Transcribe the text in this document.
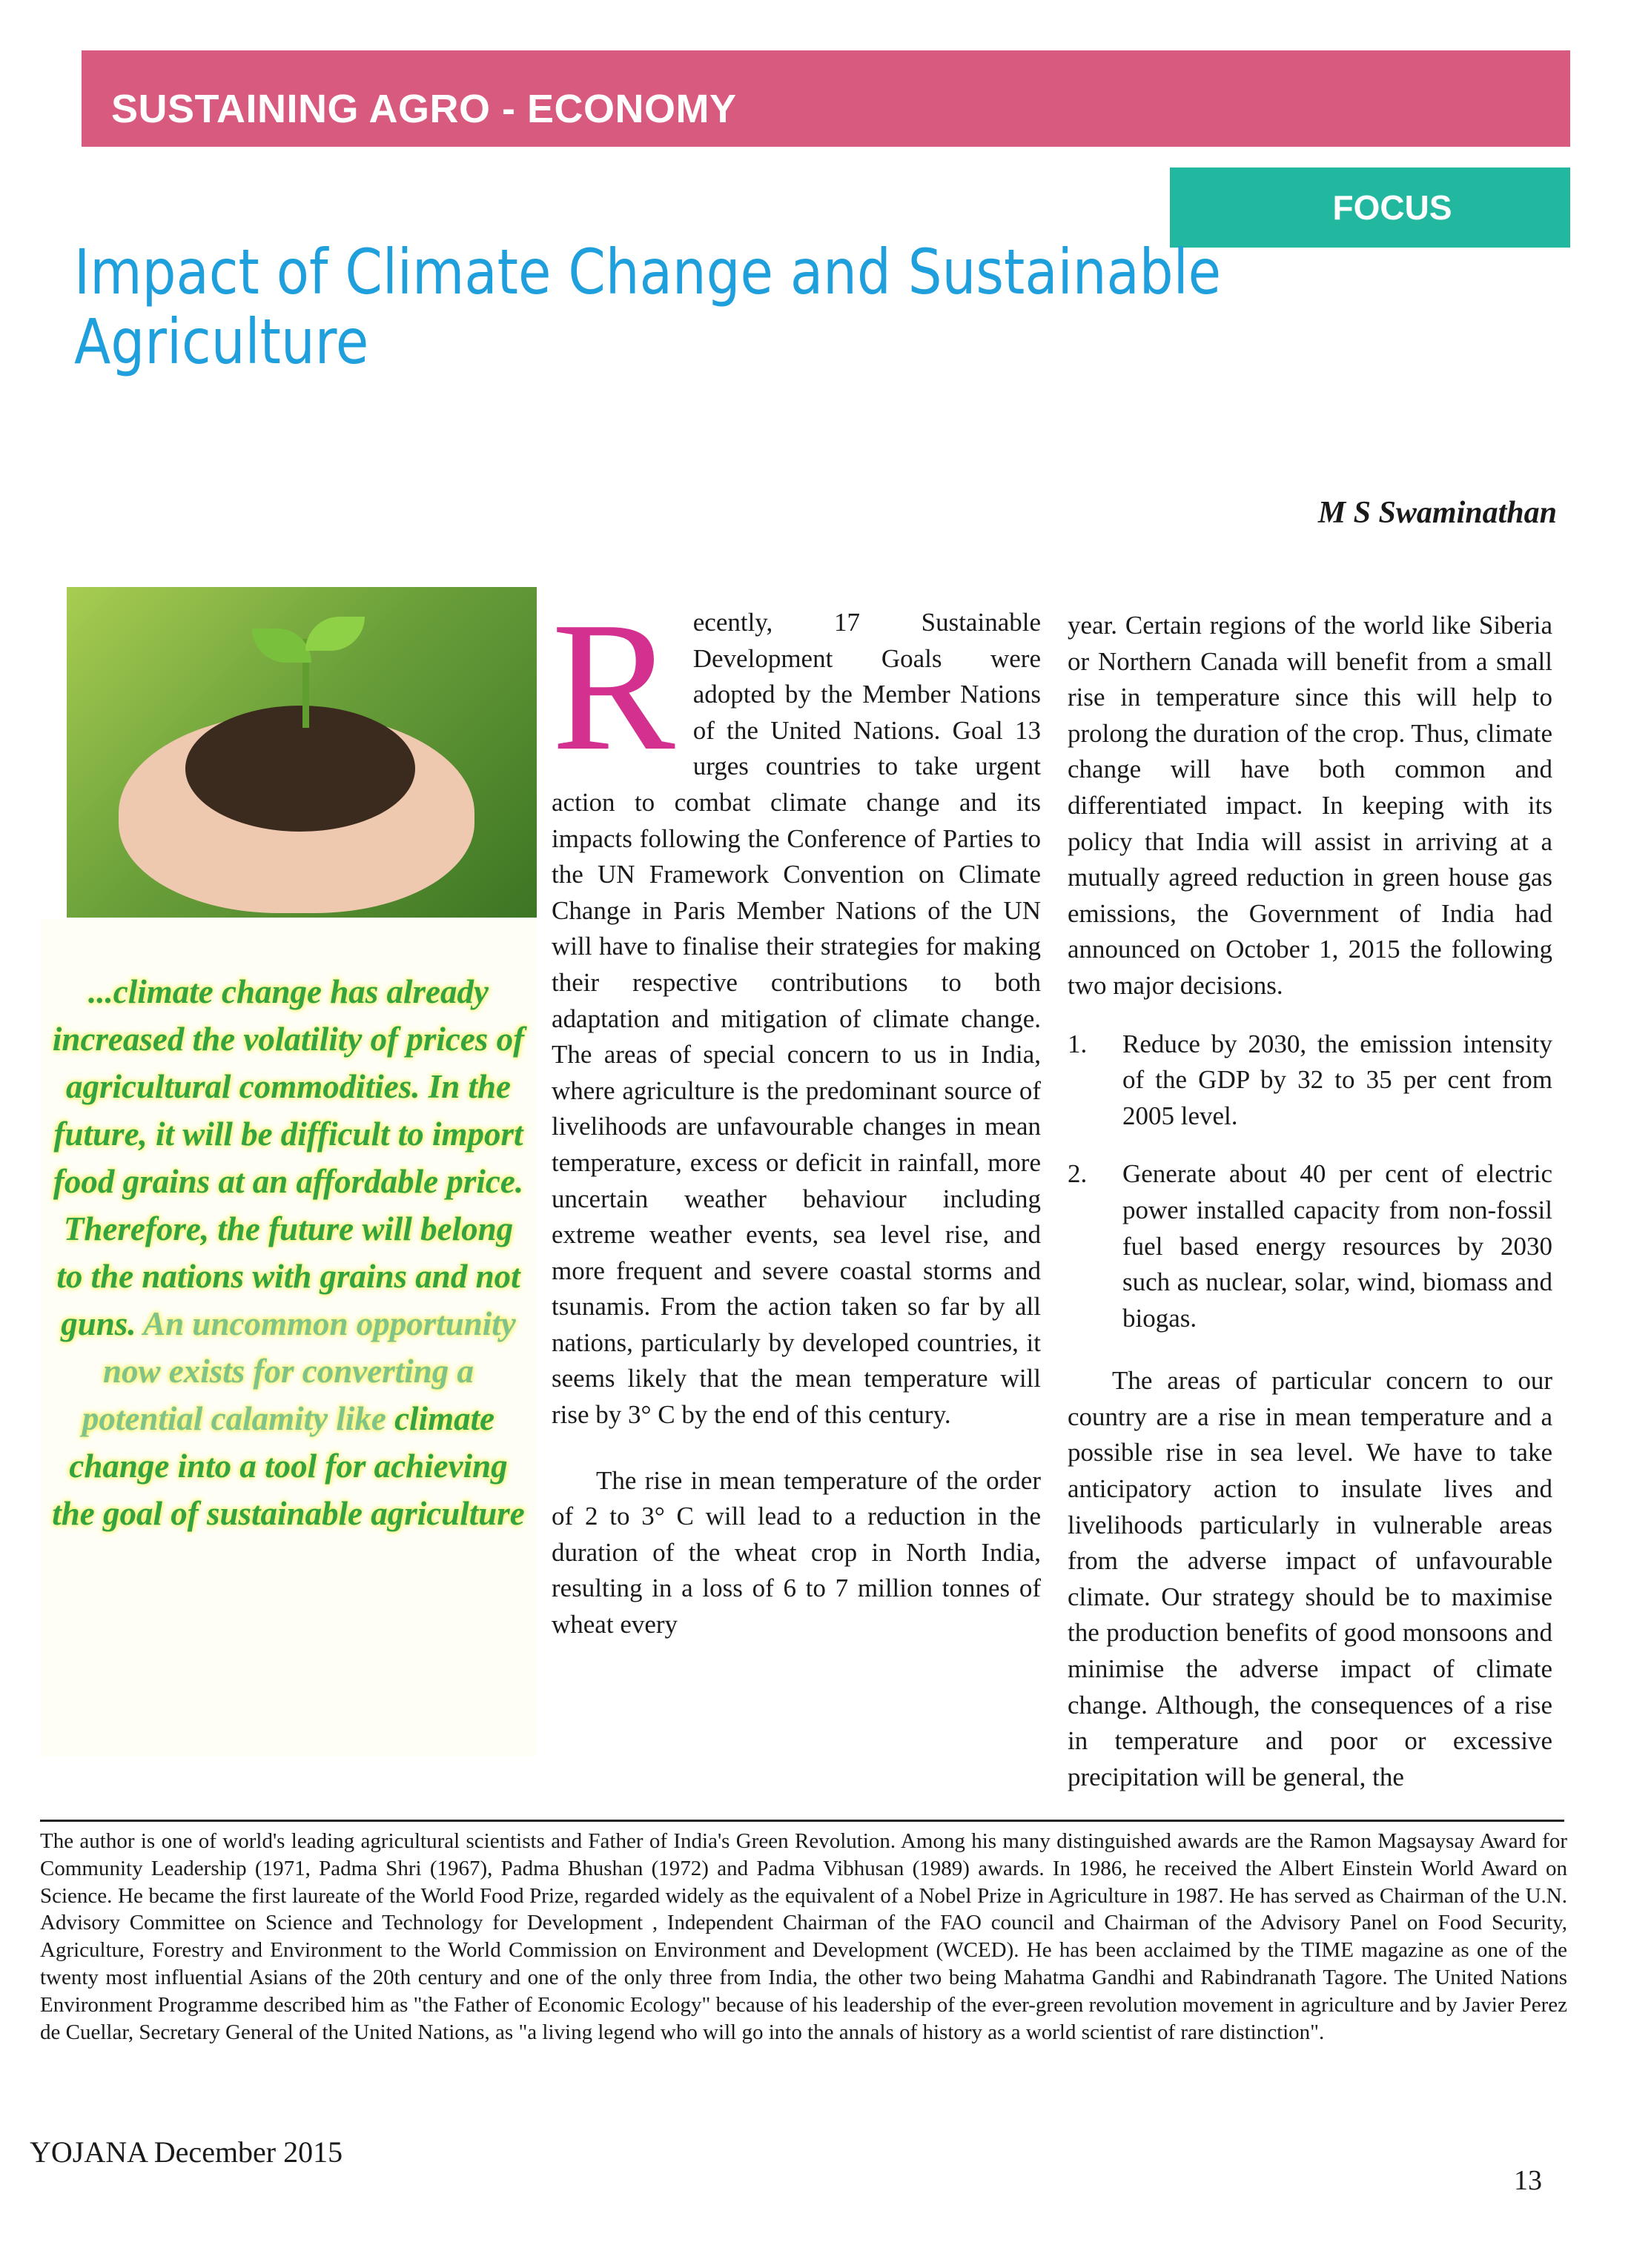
SUSTAINING AGRO - ECONOMY
FOCUS
Impact of Climate Change and Sustainable Agriculture
M S Swaminathan
...climate change has already increased the volatility of prices of agricultural commodities. In the future, it will be difficult to import food grains at an affordable price. Therefore, the future will belong to the nations with grains and not guns. An uncommon opportunity now exists for converting a potential calamity like climate change into a tool for achieving the goal of sustainable agriculture

Recently, 17 Sustainable Development Goals were adopted by the Member Nations of the United Nations. Goal 13 urges countries to take urgent action to combat climate change and its impacts following the Conference of Parties to the UN Framework Convention on Climate Change in Paris Member Nations of the UN will have to finalise their strategies for making their respective contributions to both adaptation and mitigation of climate change. The areas of special concern to us in India, where agriculture is the predominant source of livelihoods are unfavourable changes in mean temperature, excess or deficit in rainfall, more uncertain weather behaviour including extreme weather events, sea level rise, and more frequent and severe coastal storms and tsunamis. From the action taken so far by all nations, particularly by developed countries, it seems likely that the mean temperature will rise by 3° C by the end of this century.

The rise in mean temperature of the order of 2 to 3° C will lead to a reduction in the duration of the wheat crop in North India, resulting in a loss of 6 to 7 million tonnes of wheat every

year. Certain regions of the world like Siberia or Northern Canada will benefit from a small rise in temperature since this will help to prolong the duration of the crop. Thus, climate change will have both common and differentiated impact. In keeping with its policy that India will assist in arriving at a mutually agreed reduction in green house gas emissions, the Government of India had announced on October 1, 2015 the following two major decisions.

1.	Reduce by 2030, the emission intensity of the GDP by 32 to 35 per cent from 2005 level.
2.	Generate about 40 per cent of electric power installed capacity from non-fossil fuel based energy resources by 2030 such as nuclear, solar, wind, biomass and biogas.

The areas of particular concern to our country are a rise in mean temperature and a possible rise in sea level. We have to take anticipatory action to insulate lives and livelihoods particularly in vulnerable areas from the adverse impact of unfavourable climate. Our strategy should be to maximise the production benefits of good monsoons and minimise the adverse impact of climate change. Although, the consequences of a rise in temperature and poor or excessive precipitation will be general, the

The author is one of world's leading agricultural scientists and Father of India's Green Revolution. Among his many distinguished awards are the Ramon Magsaysay Award for Community Leadership (1971, Padma Shri (1967), Padma Bhushan (1972) and Padma Vibhusan (1989) awards. In 1986, he received the Albert Einstein World Award on Science. He became the first laureate of the World Food Prize, regarded widely as the equivalent of a Nobel Prize in Agriculture in 1987. He has served as Chairman of the U.N. Advisory Committee on Science and Technology for Development , Independent Chairman of the FAO council and Chairman of the Advisory Panel on Food Security, Agriculture, Forestry and Environment to the World Commission on Environment and Development (WCED). He has been acclaimed by the TIME magazine as one of the twenty most influential Asians of the 20th century and one of the only three from India, the other two being Mahatma Gandhi and Rabindranath Tagore. The United Nations Environment Programme described him as "the Father of Economic Ecology" because of his leadership of the ever-green revolution movement in agriculture and by Javier Perez de Cuellar, Secretary General of the United Nations, as "a living legend who will go into the annals of history as a world scientist of rare distinction".
YOJANA December 2015
13
